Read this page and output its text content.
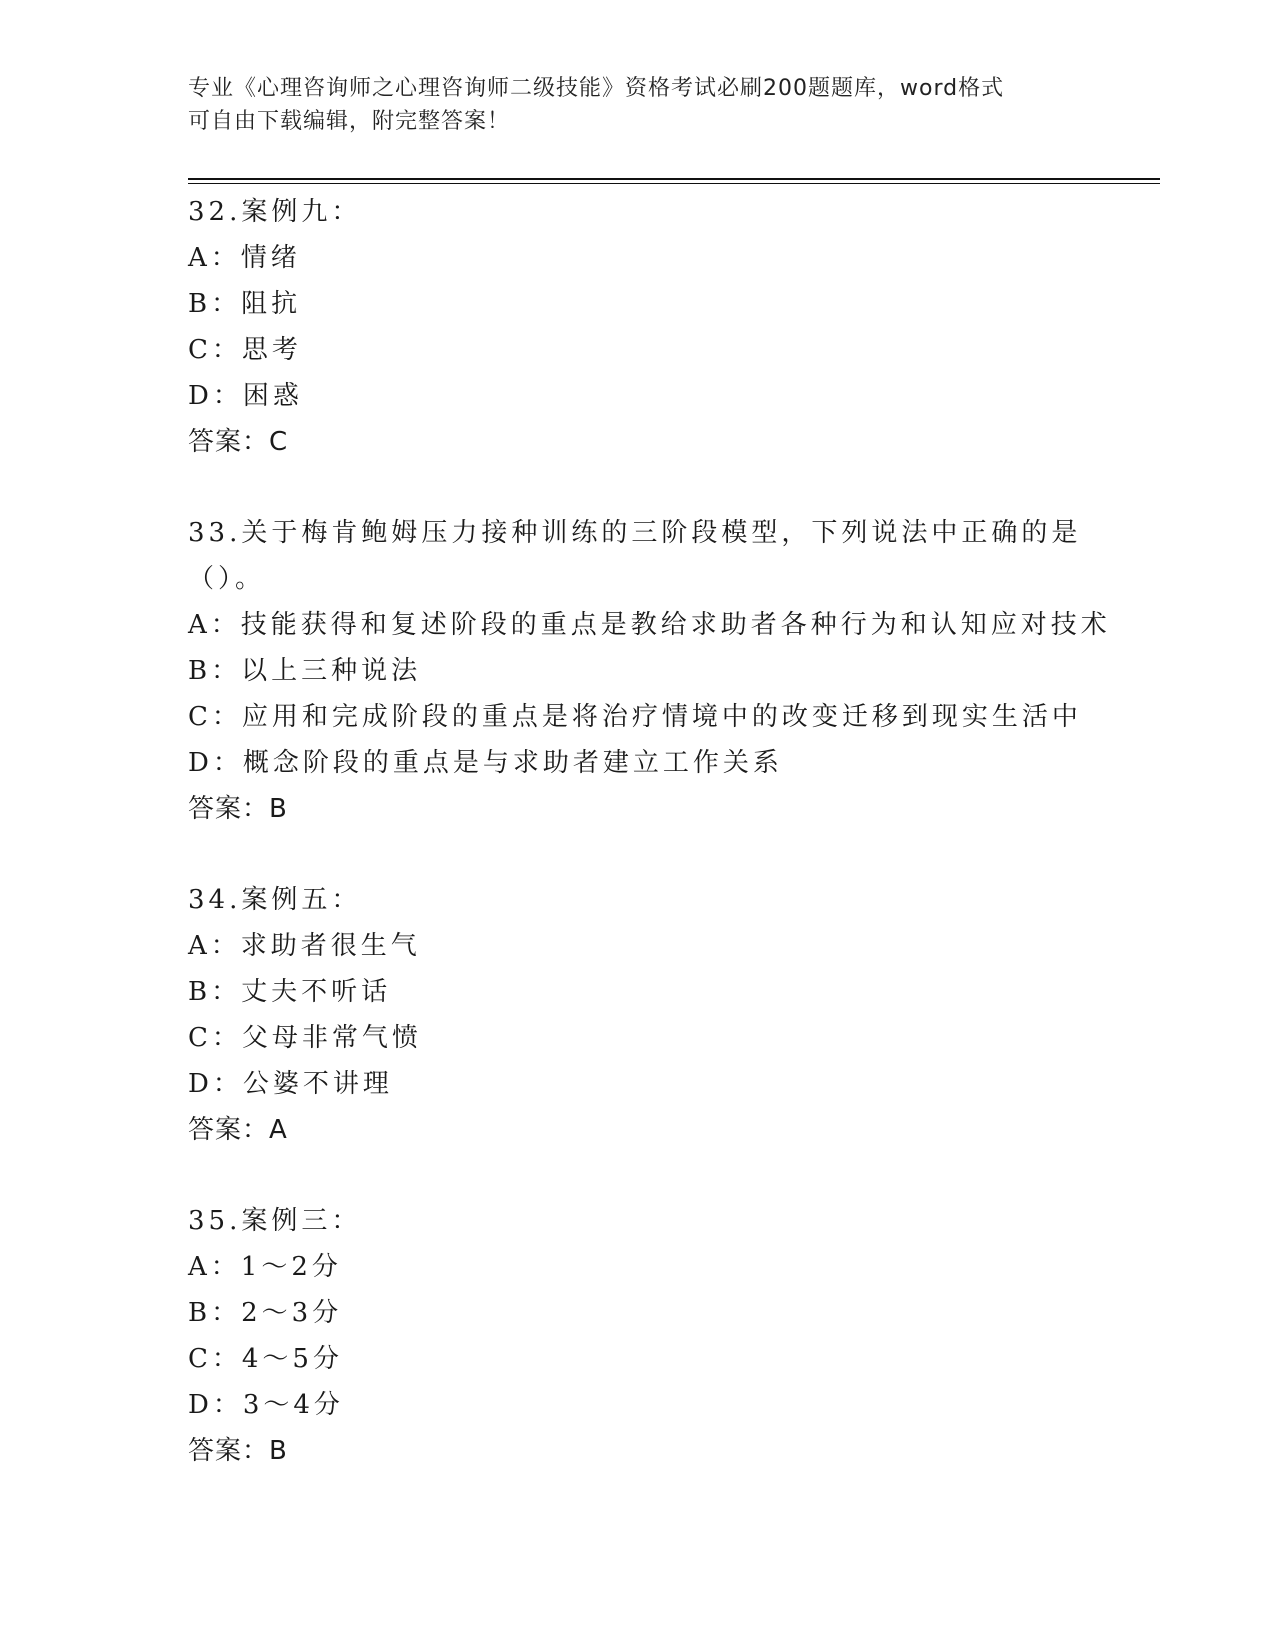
专业《心理咨询师之心理咨询师二级技能》资格考试必刷200题题库，word格式
可自由下载编辑，附完整答案！
32.案例九：
A：情绪
B：阻抗
C：思考
D：困惑
答案：C
33.关于梅肯鲍姆压力接种训练的三阶段模型，下列说法中正确的是（）。
A：技能获得和复述阶段的重点是教给求助者各种行为和认知应对技术
B：以上三种说法
C：应用和完成阶段的重点是将治疗情境中的改变迁移到现实生活中
D：概念阶段的重点是与求助者建立工作关系
答案：B
34.案例五：
A：求助者很生气
B：丈夫不听话
C：父母非常气愤
D：公婆不讲理
答案：A
35.案例三：
A：1～2分
B：2～3分
C：4～5分
D：3～4分
答案：B
